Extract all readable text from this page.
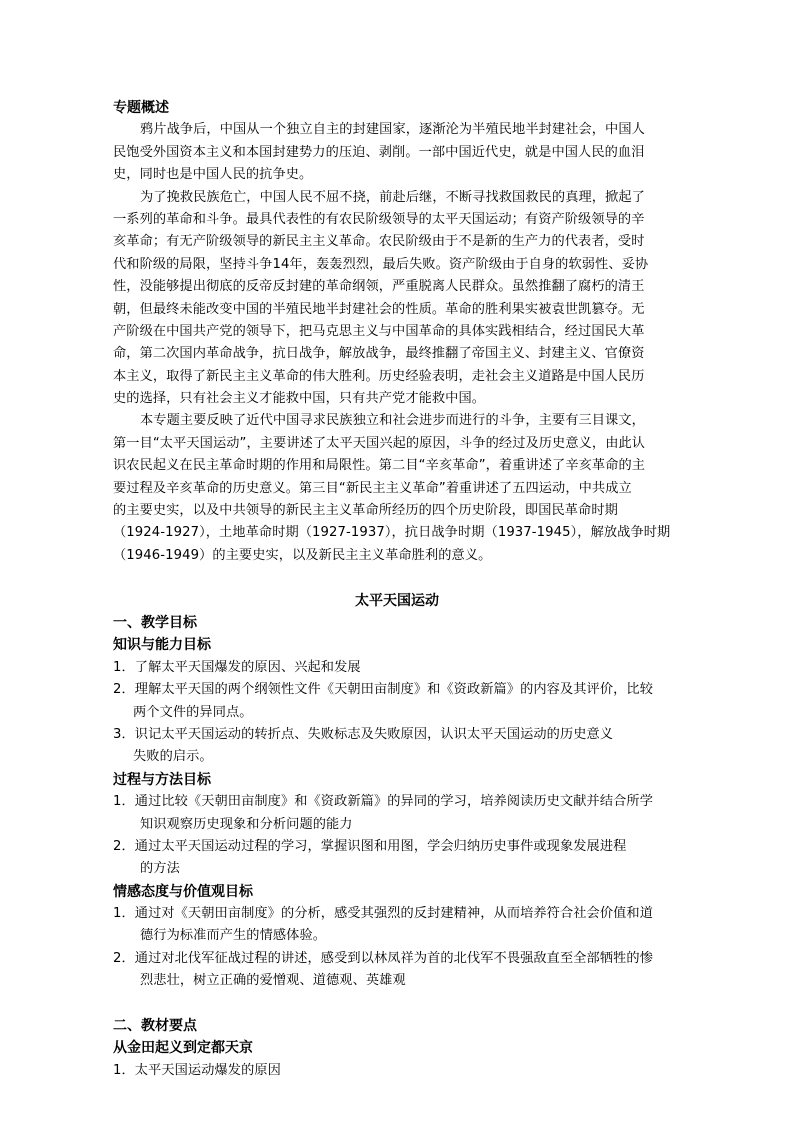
专题概述
鸦片战争后，中国从一个独立自主的封建国家，逐渐沦为半殖民地半封建社会，中国人
民饱受外国资本主义和本国封建势力的压迫、剥削。一部中国近代史，就是中国人民的血泪
史，同时也是中国人民的抗争史。
为了挽救民族危亡，中国人民不屈不挠，前赴后继，不断寻找救国救民的真理，掀起了
一系列的革命和斗争。最具代表性的有农民阶级领导的太平天国运动；有资产阶级领导的辛
亥革命；有无产阶级领导的新民主主义革命。农民阶级由于不是新的生产力的代表者，受时
代和阶级的局限，坚持斗争14年，轰轰烈烈，最后失败。资产阶级由于自身的软弱性、妥协
性，没能够提出彻底的反帝反封建的革命纲领，严重脱离人民群众。虽然推翻了腐朽的清王
朝，但最终未能改变中国的半殖民地半封建社会的性质。革命的胜利果实被袁世凯篡夺。无
产阶级在中国共产党的领导下，把马克思主义与中国革命的具体实践相结合，经过国民大革
命，第二次国内革命战争，抗日战争，解放战争，最终推翻了帝国主义、封建主义、官僚资
本主义，取得了新民主主义革命的伟大胜利。历史经验表明，走社会主义道路是中国人民历
史的选择，只有社会主义才能救中国，只有共产党才能救中国。
本专题主要反映了近代中国寻求民族独立和社会进步而进行的斗争，主要有三目课文，
第一目“太平天国运动”，主要讲述了太平天国兴起的原因，斗争的经过及历史意义，由此认
识农民起义在民主革命时期的作用和局限性。第二目“辛亥革命”，着重讲述了辛亥革命的主
要过程及辛亥革命的历史意义。第三目“新民主主义革命”着重讲述了五四运动，中共成立
的主要史实，以及中共领导的新民主主义革命所经历的四个历史阶段，即国民革命时期
（1924-1927），土地革命时期（1927-1937），抗日战争时期（1937-1945），解放战争时期
（1946-1949）的主要史实，以及新民主主义革命胜利的意义。
太平天国运动
一、教学目标
知识与能力目标
1．了解太平天国爆发的原因、兴起和发展
2．理解太平天国的两个纲领性文件《天朝田亩制度》和《资政新篇》的内容及其评价，比较
两个文件的异同点。
3．识记太平天国运动的转折点、失败标志及失败原因，认识太平天国运动的历史意义
失败的启示。
过程与方法目标
1．通过比较《天朝田亩制度》和《资政新篇》的异同的学习，培养阅读历史文献并结合所学
知识观察历史现象和分析问题的能力
2．通过太平天国运动过程的学习，掌握识图和用图，学会归纳历史事件或现象发展进程
的方法
情感态度与价值观目标
1．通过对《天朝田亩制度》的分析，感受其强烈的反封建精神，从而培养符合社会价值和道
德行为标准而产生的情感体验。
2．通过对北伐军征战过程的讲述，感受到以林凤祥为首的北伐军不畏强敌直至全部牺牲的惨
烈悲壮，树立正确的爱憎观、道德观、英雄观
二、教材要点
从金田起义到定都天京
1．太平天国运动爆发的原因
